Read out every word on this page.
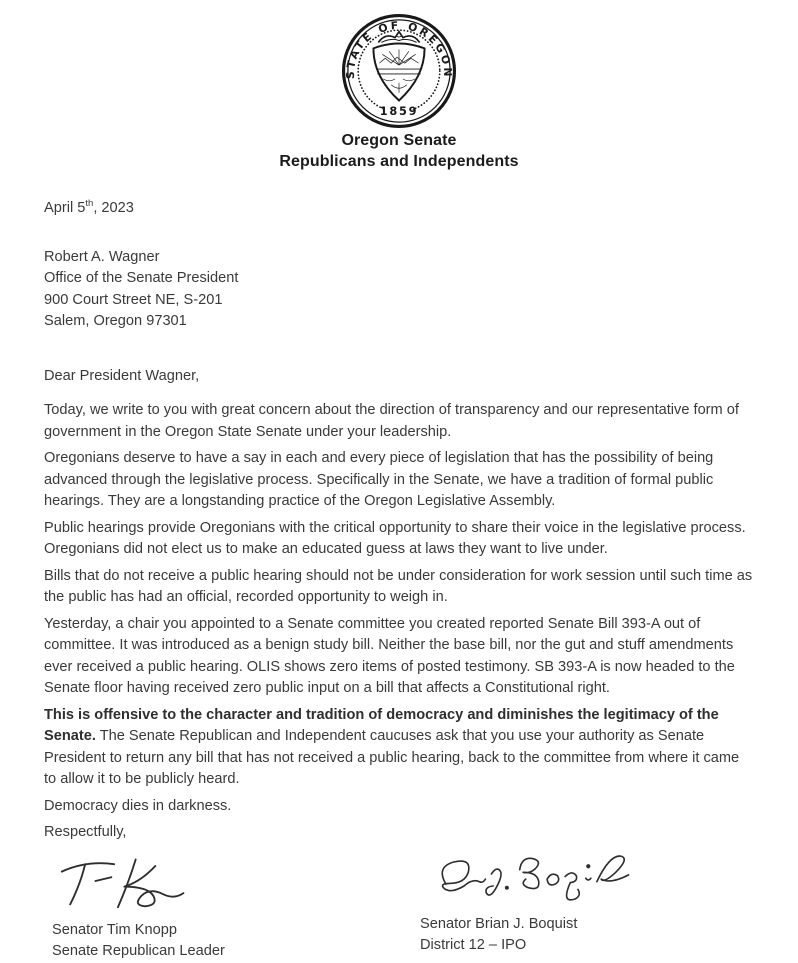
STATE OF OREGON
1859
Oregon Senate
Republicans and Independents
April 5th, 2023
Robert A. Wagner
Office of the Senate President
900 Court Street NE, S-201
Salem, Oregon 97301
Dear President Wagner,

Today, we write to you with great concern about the direction of transparency and our representative form of government in the Oregon State Senate under your leadership.

Oregonians deserve to have a say in each and every piece of legislation that has the possibility of being advanced through the legislative process. Specifically in the Senate, we have a tradition of formal public hearings. They are a longstanding practice of the Oregon Legislative Assembly.

Public hearings provide Oregonians with the critical opportunity to share their voice in the legislative process. Oregonians did not elect us to make an educated guess at laws they want to live under.

Bills that do not receive a public hearing should not be under consideration for work session until such time as the public has had an official, recorded opportunity to weigh in.

Yesterday, a chair you appointed to a Senate committee you created reported Senate Bill 393-A out of committee. It was introduced as a benign study bill. Neither the base bill, nor the gut and stuff amendments ever received a public hearing. OLIS shows zero items of posted testimony. SB 393-A is now headed to the Senate floor having received zero public input on a bill that affects a Constitutional right.

This is offensive to the character and tradition of democracy and diminishes the legitimacy of the Senate. The Senate Republican and Independent caucuses ask that you use your authority as Senate President to return any bill that has not received a public hearing, back to the committee from where it came to allow it to be publicly heard.

Democracy dies in darkness.

Respectfully,

Senator Tim Knopp
Senate Republican Leader
Senator Brian J. Boquist
District 12 – IPO
